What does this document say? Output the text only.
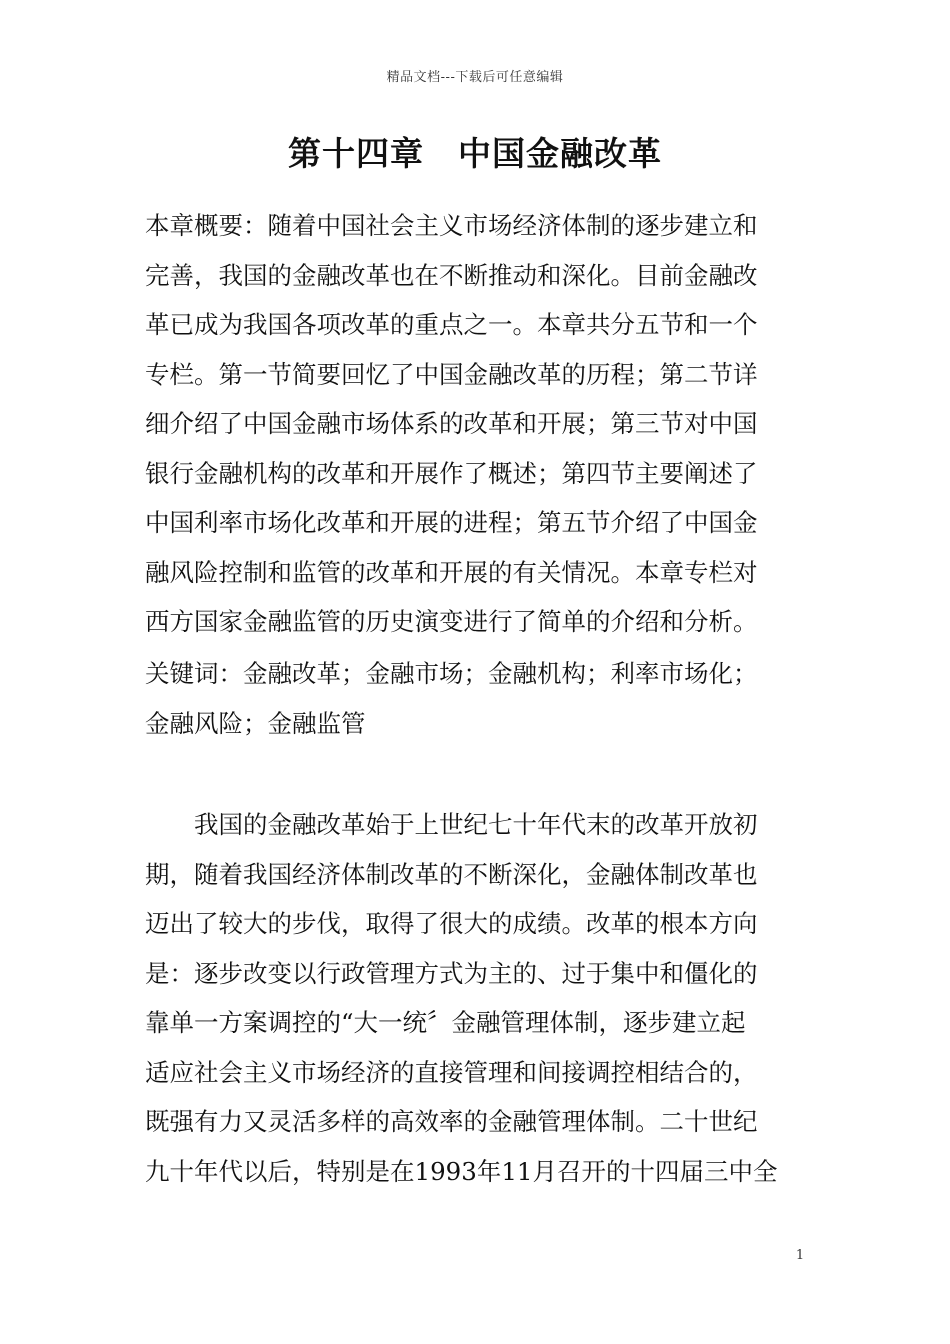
精品文档---下载后可任意编辑
第十四章　中国金融改革
本章概要：随着中国社会主义市场经济体制的逐步建立和
完善，我国的金融改革也在不断推动和深化。目前金融改
革已成为我国各项改革的重点之一。本章共分五节和一个
专栏。第一节简要回忆了中国金融改革的历程；第二节详
细介绍了中国金融市场体系的改革和开展；第三节对中国
银行金融机构的改革和开展作了概述；第四节主要阐述了
中国利率市场化改革和开展的进程；第五节介绍了中国金
融风险控制和监管的改革和开展的有关情况。本章专栏对
西方国家金融监管的历史演变进行了简单的介绍和分析。
关键词：金融改革；金融市场；金融机构；利率市场化；
金融风险；金融监管
　　我国的金融改革始于上世纪七十年代末的改革开放初
期，随着我国经济体制改革的不断深化，金融体制改革也
迈出了较大的步伐，取得了很大的成绩。改革的根本方向
是：逐步改变以行政管理方式为主的、过于集中和僵化的
靠单一方案调控的“大一统〞金融管理体制，逐步建立起
适应社会主义市场经济的直接管理和间接调控相结合的，
既强有力又灵活多样的高效率的金融管理体制。二十世纪
九十年代以后，特别是在1993年11月召开的十四届三中全
1
